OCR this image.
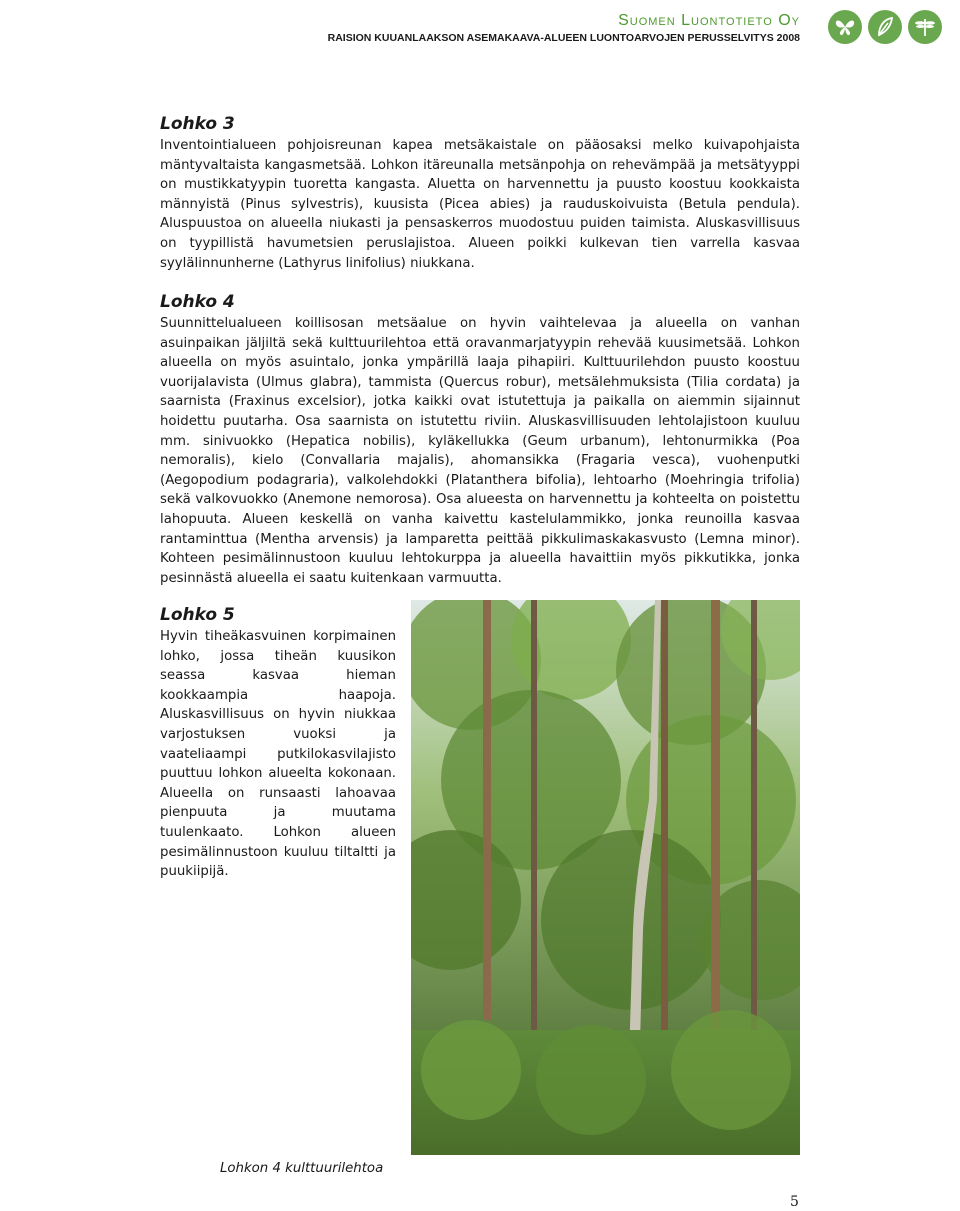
Suomen Luontotieto Oy
RAISION KUUANLAAKSON ASEMAKAAVA-ALUEEN LUONTOARVOJEN PERUSSELVITYS 2008
Lohko 3

Inventointialueen pohjoisreunan kapea metsäkaistale on pääosaksi melko kuivapohjaista mäntyvaltaista kangasmetsää. Lohkon itäreunalla metsänpohja on rehevämpää ja metsätyyppi on mustikkatyypin tuoretta kangasta. Aluetta on harvennettu ja puusto koostuu kookkaista männyistä (Pinus sylvestris), kuusista (Picea abies) ja rauduskoivuista (Betula pendula). Aluspuustoa on alueella niukasti ja pensaskerros muodostuu puiden taimista. Aluskasvillisuus on tyypillistä havumetsien peruslajistoa. Alueen poikki kulkevan tien varrella kasvaa syylälinnunherne (Lathyrus linifolius) niukkana.

Lohko 4

Suunnittelualueen koillisosan metsäalue on hyvin vaihtelevaa ja alueella on vanhan asuinpaikan jäljiltä sekä kulttuurilehtoa että oravanmarjatyypin rehevää kuusimetsää. Lohkon alueella on myös asuintalo, jonka ympärillä laaja pihapiiri. Kulttuurilehdon puusto koostuu vuorijalavista (Ulmus glabra), tammista (Quercus robur), metsälehmuksista (Tilia cordata) ja saarnista (Fraxinus excelsior), jotka kaikki ovat istutettuja ja paikalla on aiemmin sijainnut hoidettu puutarha. Osa saarnista on istutettu riviin. Aluskasvillisuuden lehtolajistoon kuuluu mm. sinivuokko (Hepatica nobilis), kyläkellukka (Geum urbanum), lehtonurmikka (Poa nemoralis), kielo (Convallaria majalis), ahomansikka (Fragaria vesca), vuohenputki (Aegopodium podagraria), valkolehdokki (Platanthera bifolia), lehtoarho (Moehringia trifolia) sekä valkovuokko (Anemone nemorosa). Osa alueesta on harvennettu ja kohteelta on poistettu lahopuuta. Alueen keskellä on vanha kaivettu kastelulammikko, jonka reunoilla kasvaa rantaminttua (Mentha arvensis) ja lamparetta peittää pikkulimaskakasvusto (Lemna minor). Kohteen pesimälinnustoon kuuluu lehtokurppa ja alueella havaittiin myös pikkutikka, jonka pesinnästä alueella ei saatu kuitenkaan varmuutta.

Lohko 5

Hyvin tiheäkasvuinen korpimainen lohko, jossa tiheän kuusikon seassa kasvaa hieman kookkaampia haapoja. Aluskasvillisuus on hyvin niukkaa varjostuksen vuoksi ja vaateliaampi putkilokasvilajisto puuttuu lohkon alueelta kokonaan. Alueella on runsaasti lahoavaa pienpuuta ja muutama tuulenkaato. Lohkon alueen pesimälinnustoon kuuluu tiltaltti ja puukiipijä.

Lohkon 4 kulttuurilehtoa
5
